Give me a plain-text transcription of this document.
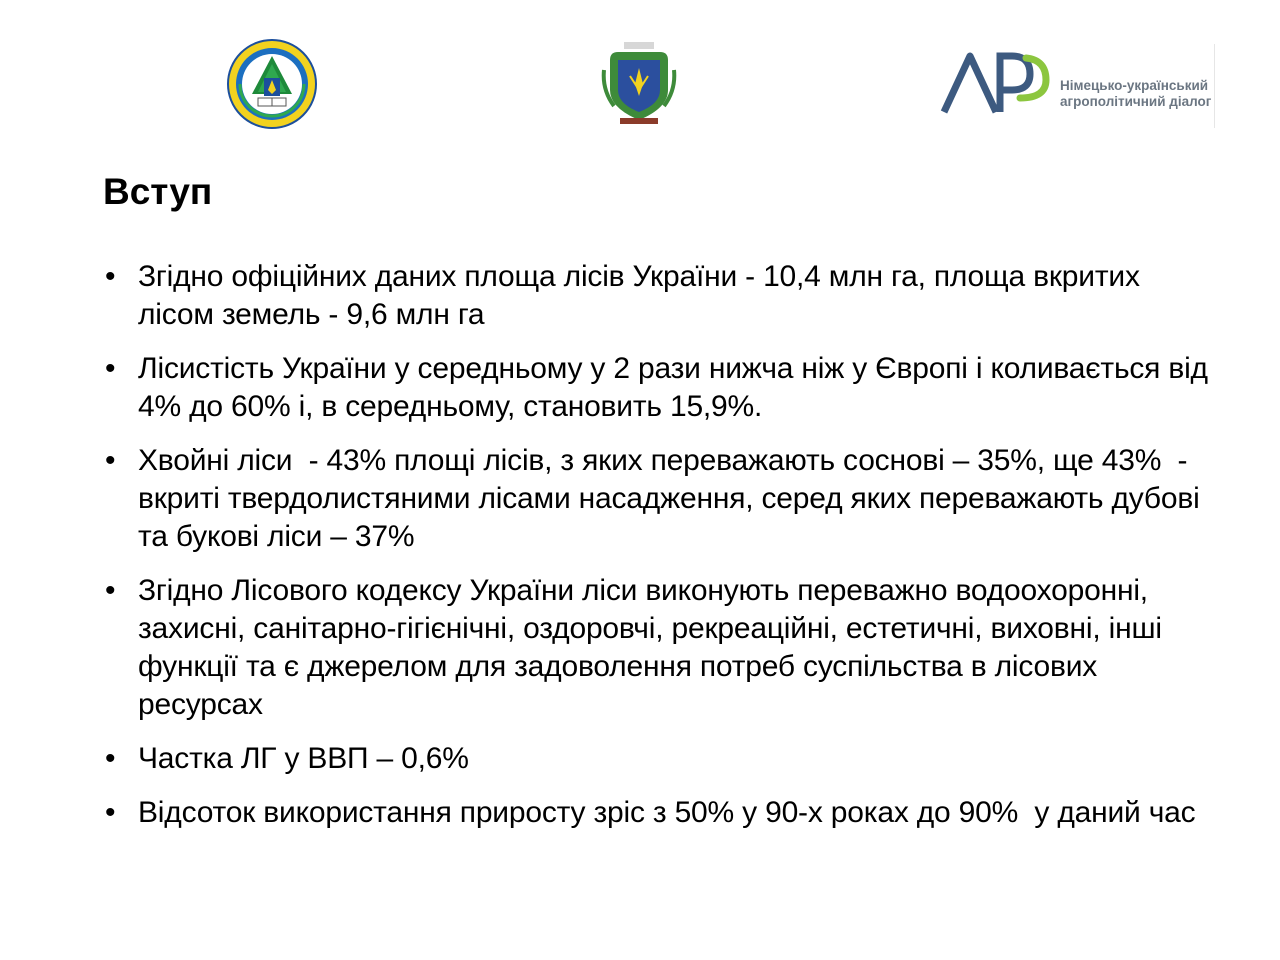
Німецько-український
агрополітичний діалог
Вступ
• Згідно офіційних даних площа лісів України - 10,4 млн га, площа вкритих лісом земель - 9,6 млн га
• Лісистість України у середньому у 2 рази нижча ніж у Європі і коливається від 4% до 60% і, в середньому, становить 15,9%.
• Хвойні ліси  - 43% площі лісів, з яких переважають соснові – 35%, ще 43%  - вкриті твердолистяними лісами насадження, серед яких переважають дубові та букові ліси – 37%
• Згідно Лісового кодексу України ліси виконують переважно водоохоронні, захисні, санітарно-гігієнічні, оздоровчі, рекреаційні, естетичні, виховні, інші функції та є джерелом для задоволення потреб суспільства в лісових ресурсах
• Частка ЛГ у ВВП – 0,6%
• Відсоток використання приросту зріс з 50% у 90-х роках до 90%  у даний час
